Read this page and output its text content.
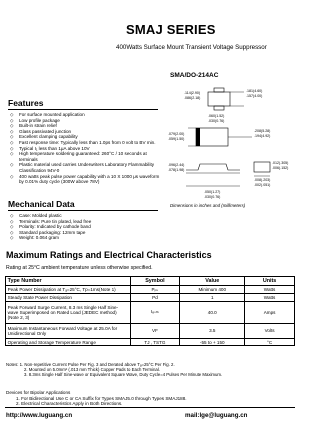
SMAJ SERIES
400Watts Surface Mount Transient Voltage Suppressor
SMA/DO-214AC
.114(2.90)
.086(2.18)
.181(4.60)
.157(4.00)
.060(1.52)
.030(0.76)
.208(5.28)
.194(4.92)
.079(2.00)
.059(1.50)
.012(.305)
.006(.152)
.096(2.44)
.078(1.98)
.008(.203)
.002(.051)
.050(1.27)
.030(0.76)
Dimensions in inches and (millimeters)
Features
◇ For surface mounted application
◇ Low profile package
◇ Built-in strain relief
◇ Glass passivated junction
◇ Excellent clamping capability
◇ Fast response time: Typically less than 1.0ps from 0 volt to BV min.
◇ Typical I₁ less than 1μA above 10V
◇ High temperature soldering guaranteed: 260°C / 10 seconds at terminals
◇ Plastic material used carries Underwriters Laboratory Flammability Classification 94V-0
◇ 400 watts peak pulse power capability with a 10 X 1000 μs waveform by 0.01% duty cycle (300W above 78V)
Mechanical Data
◇ Case: Molded plastic
◇ Terminals: Pure tin plated, lead free
◇ Polarity: Indicated by cathode band
◇ Standard packaging: 12mm tape
◇ Weight: 0.064 gram
Maximum Ratings and Electrical Characteristics
Rating at 25°C ambient temperature unless otherwise specified.
Type Number	Symbol	Value	Units
Peak Power Dissipation at Tₐ=25°C, Tp=1ms(Note 1)	Pₚₖ	Minimum 400	Watts
Steady State Power Dissipation	Pd	1	Watts
Peak Forward Surge Current, 8.3 ms Single Half Sine-wave Superimposed on Rated Load (JEDEC method) (Note 2, 3)	Iₑₛₘ	40.0	Amps
Maximum Instantaneous Forward Voltage at 25.0A for Unidirectional Only	VF	3.5	Volts
Operating and Storage Temperature Range	TJ , TSTG	-55 to + 150	°C
Notes: 1. Non-repetitive Current Pulse Per Fig. 3 and Derated above Tₐ=25°C Per Fig. 2.
2. Mounted on 5.0mm² (.013 mm Thick) Copper Pads to Each Terminal.
3. 8.3ms Single Half Sine-wave or Equivalent Square Wave, Duty Cycle=4 Pulses Per Minute Maximum.
Devices for Bipolar Applications
1. For Bidirectional Use C or CA Suffix for Types SMAJ5.0 through Types SMAJ188.
2. Electrical Characteristics Apply in Both Directions.
http://www.luguang.cn	mail:lge@luguang.cn
